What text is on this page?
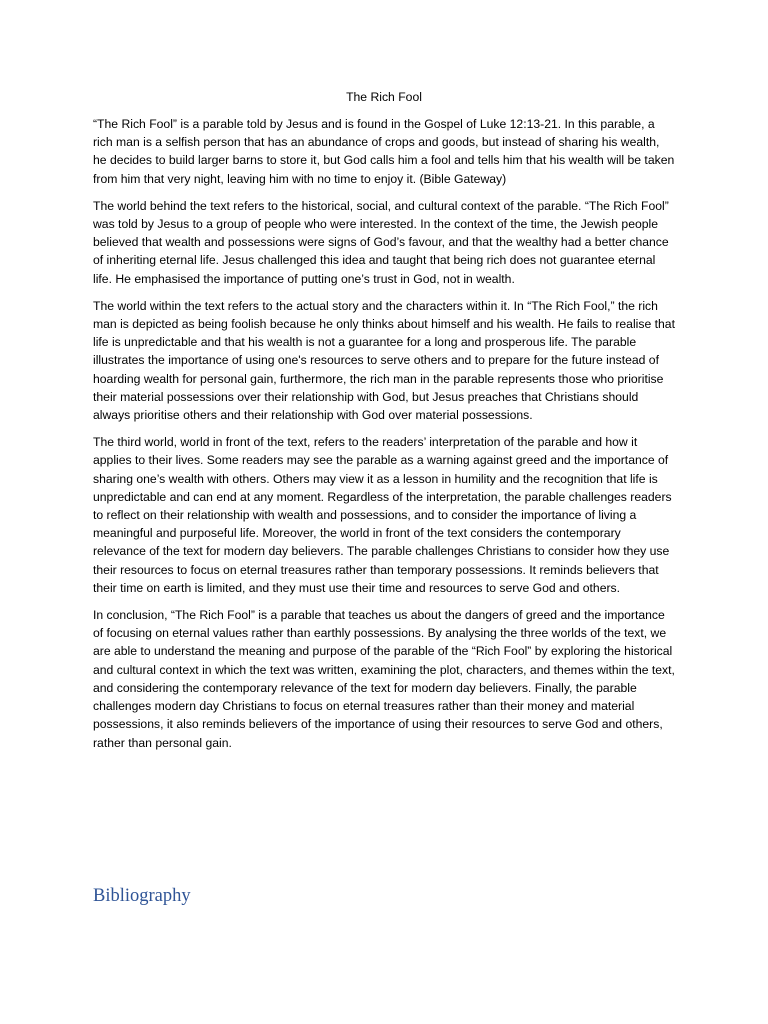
The Rich Fool

“The Rich Fool” is a parable told by Jesus and is found in the Gospel of Luke 12:13-21. In this parable, a rich man is a selfish person that has an abundance of crops and goods, but instead of sharing his wealth, he decides to build larger barns to store it, but God calls him a fool and tells him that his wealth will be taken from him that very night, leaving him with no time to enjoy it. (Bible Gateway)

The world behind the text refers to the historical, social, and cultural context of the parable. “The Rich Fool” was told by Jesus to a group of people who were interested. In the context of the time, the Jewish people believed that wealth and possessions were signs of God’s favour, and that the wealthy had a better chance of inheriting eternal life. Jesus challenged this idea and taught that being rich does not guarantee eternal life. He emphasised the importance of putting one’s trust in God, not in wealth.

The world within the text refers to the actual story and the characters within it. In “The Rich Fool,” the rich man is depicted as being foolish because he only thinks about himself and his wealth. He fails to realise that life is unpredictable and that his wealth is not a guarantee for a long and prosperous life. The parable illustrates the importance of using one's resources to serve others and to prepare for the future instead of hoarding wealth for personal gain, furthermore, the rich man in the parable represents those who prioritise their material possessions over their relationship with God, but Jesus preaches that Christians should always prioritise others and their relationship with God over material possessions.

The third world, world in front of the text, refers to the readers’ interpretation of the parable and how it applies to their lives. Some readers may see the parable as a warning against greed and the importance of sharing one’s wealth with others. Others may view it as a lesson in humility and the recognition that life is unpredictable and can end at any moment. Regardless of the interpretation, the parable challenges readers to reflect on their relationship with wealth and possessions, and to consider the importance of living a meaningful and purposeful life. Moreover, the world in front of the text considers the contemporary relevance of the text for modern day believers. The parable challenges Christians to consider how they use their resources to focus on eternal treasures rather than temporary possessions. It reminds believers that their time on earth is limited, and they must use their time and resources to serve God and others.

In conclusion, “The Rich Fool” is a parable that teaches us about the dangers of greed and the importance of focusing on eternal values rather than earthly possessions. By analysing the three worlds of the text, we are able to understand the meaning and purpose of the parable of the “Rich Fool” by exploring the historical and cultural context in which the text was written, examining the plot, characters, and themes within the text, and considering the contemporary relevance of the text for modern day believers. Finally, the parable challenges modern day Christians to focus on eternal treasures rather than their money and material possessions, it also reminds believers of the importance of using their resources to serve God and others, rather than personal gain.

Bibliography
